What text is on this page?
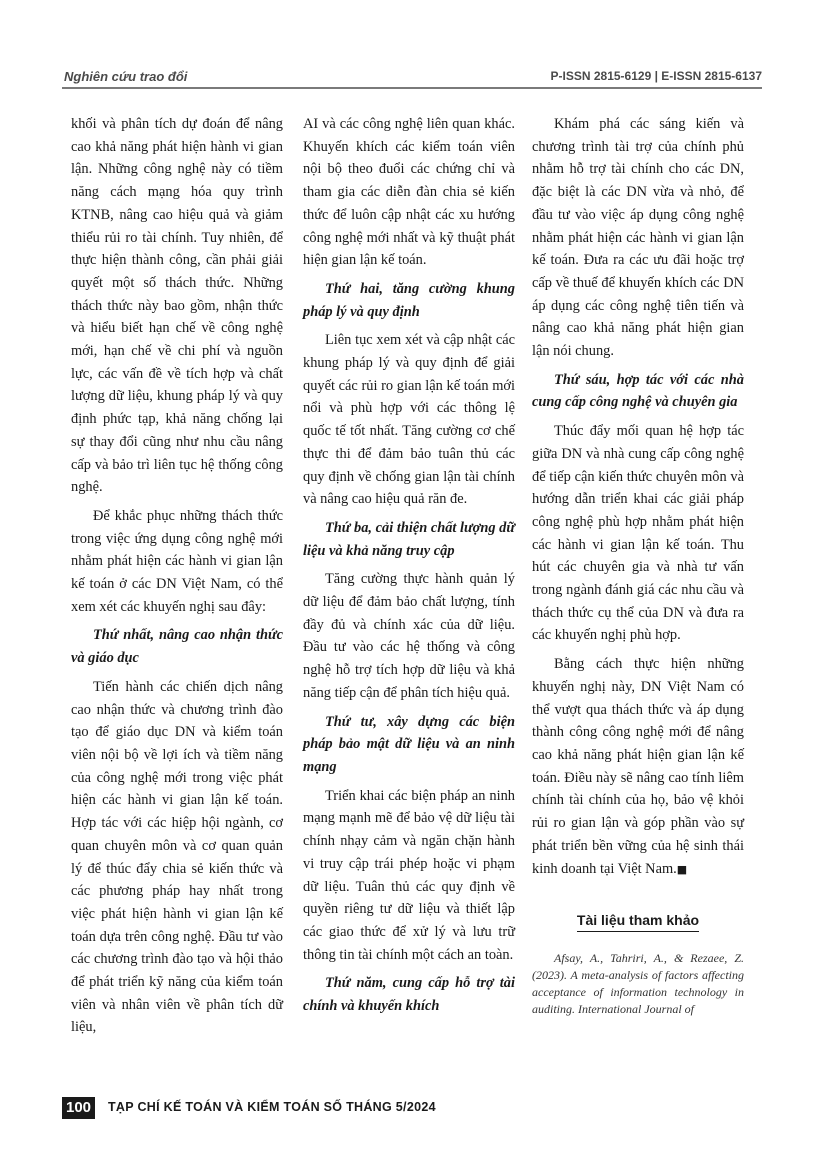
Nghiên cứu trao đổi	P-ISSN 2815-6129 | E-ISSN 2815-6137

khối và phân tích dự đoán để nâng cao khả năng phát hiện hành vi gian lận. Những công nghệ này có tiềm năng cách mạng hóa quy trình KTNB, nâng cao hiệu quả và giảm thiểu rủi ro tài chính. Tuy nhiên, để thực hiện thành công, cần phải giải quyết một số thách thức. Những thách thức này bao gồm, nhận thức và hiểu biết hạn chế về công nghệ mới, hạn chế về chi phí và nguồn lực, các vấn đề về tích hợp và chất lượng dữ liệu, khung pháp lý và quy định phức tạp, khả năng chống lại sự thay đổi cũng như nhu cầu nâng cấp và bảo trì liên tục hệ thống công nghệ.

Để khắc phục những thách thức trong việc ứng dụng công nghệ mới nhằm phát hiện các hành vi gian lận kế toán ở các DN Việt Nam, có thể xem xét các khuyến nghị sau đây:

Thứ nhất, nâng cao nhận thức và giáo dục

Tiến hành các chiến dịch nâng cao nhận thức và chương trình đào tạo để giáo dục DN và kiểm toán viên nội bộ về lợi ích và tiềm năng của công nghệ mới trong việc phát hiện các hành vi gian lận kế toán. Hợp tác với các hiệp hội ngành, cơ quan chuyên môn và cơ quan quản lý để thúc đẩy chia sẻ kiến thức và các phương pháp hay nhất trong việc phát hiện hành vi gian lận kế toán dựa trên công nghệ. Đầu tư vào các chương trình đào tạo và hội thảo để phát triển kỹ năng của kiểm toán viên và nhân viên về phân tích dữ liệu,

AI và các công nghệ liên quan khác. Khuyến khích các kiểm toán viên nội bộ theo đuổi các chứng chỉ và tham gia các diễn đàn chia sẻ kiến thức để luôn cập nhật các xu hướng công nghệ mới nhất và kỹ thuật phát hiện gian lận kế toán.

Thứ hai, tăng cường khung pháp lý và quy định

Liên tục xem xét và cập nhật các khung pháp lý và quy định để giải quyết các rủi ro gian lận kế toán mới nổi và phù hợp với các thông lệ quốc tế tốt nhất. Tăng cường cơ chế thực thi để đảm bảo tuân thủ các quy định về chống gian lận tài chính và nâng cao hiệu quả răn đe.

Thứ ba, cải thiện chất lượng dữ liệu và khả năng truy cập

Tăng cường thực hành quản lý dữ liệu để đảm bảo chất lượng, tính đầy đủ và chính xác của dữ liệu. Đầu tư vào các hệ thống và công nghệ hỗ trợ tích hợp dữ liệu và khả năng tiếp cận để phân tích hiệu quả.

Thứ tư, xây dựng các biện pháp bảo mật dữ liệu và an ninh mạng

Triển khai các biện pháp an ninh mạng mạnh mẽ để bảo vệ dữ liệu tài chính nhạy cảm và ngăn chặn hành vi truy cập trái phép hoặc vi phạm dữ liệu. Tuân thủ các quy định về quyền riêng tư dữ liệu và thiết lập các giao thức để xử lý và lưu trữ thông tin tài chính một cách an toàn.

Thứ năm, cung cấp hỗ trợ tài chính và khuyến khích

Khám phá các sáng kiến và chương trình tài trợ của chính phủ nhằm hỗ trợ tài chính cho các DN, đặc biệt là các DN vừa và nhỏ, để đầu tư vào việc áp dụng công nghệ nhằm phát hiện các hành vi gian lận kế toán. Đưa ra các ưu đãi hoặc trợ cấp về thuế để khuyến khích các DN áp dụng các công nghệ tiên tiến và nâng cao khả năng phát hiện gian lận nói chung.

Thứ sáu, hợp tác với các nhà cung cấp công nghệ và chuyên gia

Thúc đẩy mối quan hệ hợp tác giữa DN và nhà cung cấp công nghệ để tiếp cận kiến thức chuyên môn và hướng dẫn triển khai các giải pháp công nghệ phù hợp nhằm phát hiện các hành vi gian lận kế toán. Thu hút các chuyên gia và nhà tư vấn trong ngành đánh giá các nhu cầu và thách thức cụ thể của DN và đưa ra các khuyến nghị phù hợp.

Bằng cách thực hiện những khuyến nghị này, DN Việt Nam có thể vượt qua thách thức và áp dụng thành công công nghệ mới để nâng cao khả năng phát hiện gian lận kế toán. Điều này sẽ nâng cao tính liêm chính tài chính của họ, bảo vệ khỏi rủi ro gian lận và góp phần vào sự phát triển bền vững của hệ sinh thái kinh doanh tại Việt Nam.■

Tài liệu tham khảo

Afsay, A., Tahriri, A., & Rezaee, Z. (2023). A meta-analysis of factors affecting acceptance of information technology in auditing. International Journal of

100	TẠP CHÍ KẾ TOÁN VÀ KIỂM TOÁN SỐ THÁNG 5/2024
